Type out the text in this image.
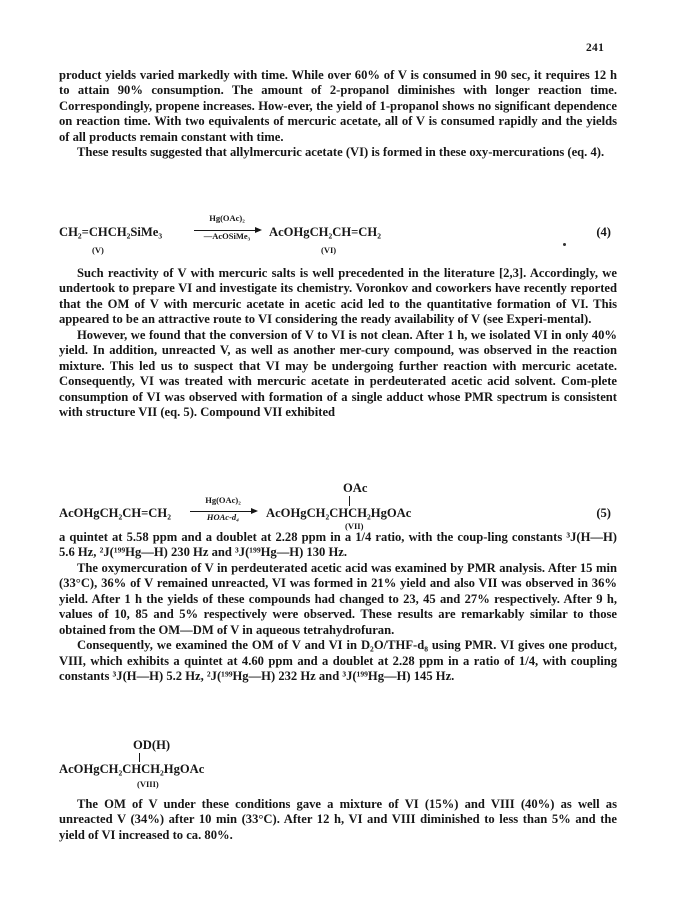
241

product yields varied markedly with time. While over 60% of V is consumed in 90 sec, it requires 12 h to attain 90% consumption. The amount of 2-propanol diminishes with longer reaction time. Correspondingly, propene increases. How-ever, the yield of 1-propanol shows no significant dependence on reaction time. With two equivalents of mercuric acetate, all of V is consumed rapidly and the yields of all products remain constant with time.

These results suggested that allylmercuric acetate (VI) is formed in these oxy-mercurations (eq. 4).

CH₂=CHCH₂SiMe₃
Hg(OAc)₂
—AcOSiMe₃	AcOHgCH₂CH=CH₂	(4)
(V)	(VI)

Such reactivity of V with mercuric salts is well precedented in the literature [2,3]. Accordingly, we undertook to prepare VI and investigate its chemistry. Voronkov and coworkers have recently reported that the OM of V with mercuric acetate in acetic acid led to the quantitative formation of VI. This appeared to be an attractive route to VI considering the ready availability of V (see Experi-mental).

However, we found that the conversion of V to VI is not clean. After 1 h, we isolated VI in only 40% yield. In addition, unreacted V, as well as another mer-cury compound, was observed in the reaction mixture. This led us to suspect that VI may be undergoing further reaction with mercuric acetate. Consequently, VI was treated with mercuric acetate in perdeuterated acetic acid solvent. Com-plete consumption of VI was observed with formation of a single adduct whose PMR spectrum is consistent with structure VII (eq. 5). Compound VII exhibited

OAc
AcOHgCH₂CH=CH₂
Hg(OAc)₂
HOAc-d₄	AcOHgCH₂CHCH₂HgOAc	(5)
(VII)

a quintet at 5.58 ppm and a doublet at 2.28 ppm in a 1/4 ratio, with the coup-ling constants ³J(H—H) 5.6 Hz, ²J(¹⁹⁹Hg—H) 230 Hz and ³J(¹⁹⁹Hg—H) 130 Hz.

The oxymercuration of V in perdeuterated acetic acid was examined by PMR analysis. After 15 min (33°C), 36% of V remained unreacted, VI was formed in 21% yield and also VII was observed in 36% yield. After 1 h the yields of these compounds had changed to 23, 45 and 27% respectively. After 9 h, values of 10, 85 and 5% respectively were observed. These results are remarkably similar to those obtained from the OM—DM of V in aqueous tetrahydrofuran.

Consequently, we examined the OM of V and VI in D₂O/THF-d₈ using PMR. VI gives one product, VIII, which exhibits a quintet at 4.60 ppm and a doublet at 2.28 ppm in a ratio of 1/4, with coupling constants ³J(H—H) 5.2 Hz, ²J(¹⁹⁹Hg—H) 232 Hz and ³J(¹⁹⁹Hg—H) 145 Hz.

OD(H)
AcOHgCH₂CHCH₂HgOAc
(VIII)

The OM of V under these conditions gave a mixture of VI (15%) and VIII (40%) as well as unreacted V (34%) after 10 min (33°C). After 12 h, VI and VIII diminished to less than 5% and the yield of VI increased to ca. 80%.
